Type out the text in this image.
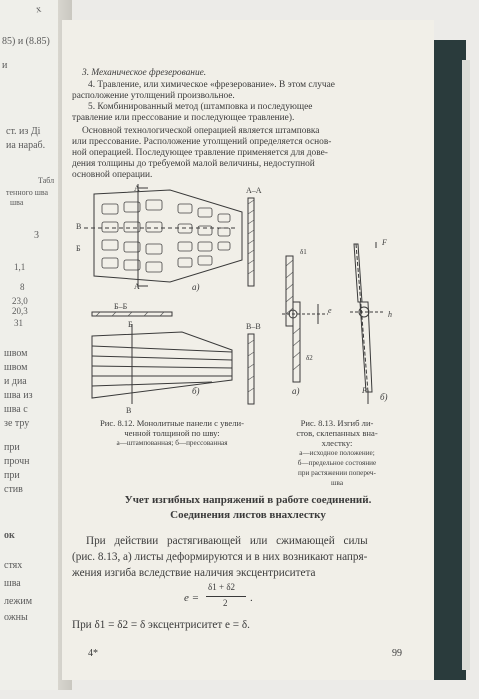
x
85) и (8.85)
и
ст. из Дi
иа нараб.
Табл
тенного шва
шва
3
1,1
8
23,0
20,3
31
швом
швом
и диа
шва из
шва с
зе тру
при
прочн
при
стив
ок
стях
шва
лежим
ожны
3. Механическое фрезерование.
4. Травление, или химическое «фрезерование». В этом случае
расположение утолщений произвольное.
5. Комбинированный метод (штамповка и последующее
травление или прессование и последующее травление).
Основной технологической операцией является штамповка
или прессование. Расположение утолщений определяется основ-
ной операцией. Последующее травление применяется для дове-
дения толщины до требуемой малой величины, недоступной
основной операции.
А–А
А
А
В
Б
а)
Б–Б
Б	В–В
В
б)
δ1
e
δ2
а)
F
h
P
б)
Рис. 8.12. Монолитные панели с увели-
ченной толщиной по шву:
а—штампованная; б—прессованная
Рис. 8.13. Изгиб ли-
стов, склепанных вна-
хлестку:
а—исходное положение;
б—предельное состояние
при растяжении попереч-
шва
Учет изгибных напряжений в работе соединений.
Соединения листов внахлестку
При действии растягивающей или сжимающей силы
(рис. 8.13, а) листы деформируются и в них возникают напря-
жения изгиба вследствие наличия эксцентриситета
e =
δ1 + δ2
2 .
При δ1 = δ2 = δ эксцентриситет e = δ.
4*	99
